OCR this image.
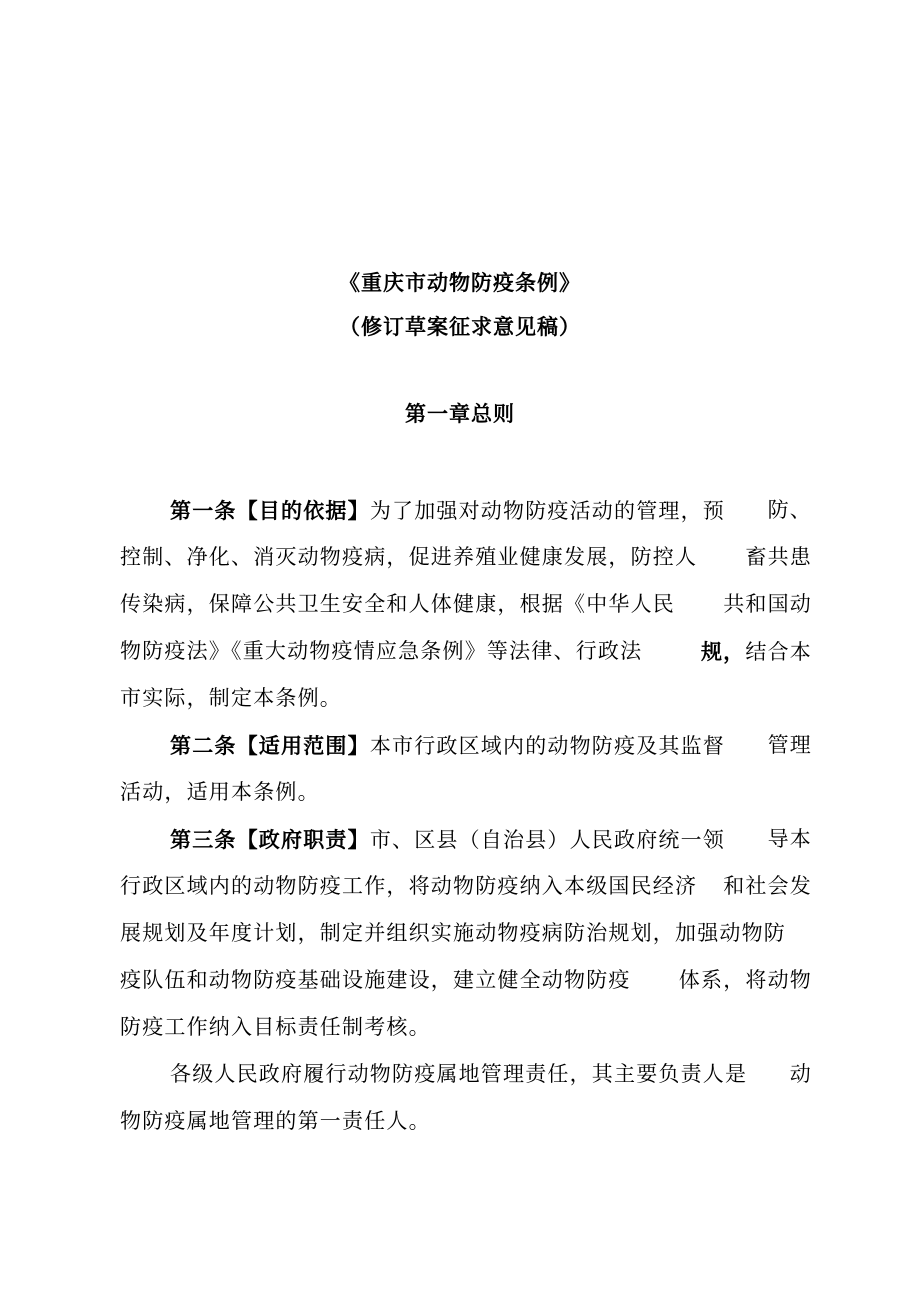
《重庆市动物防疫条例》
（修订草案征求意见稿）
第一章总则
第一条【目的依据】为了加强对动物防疫活动的管理，预 防、
控制、净化、消灭动物疫病，促进养殖业健康发展，防控人 畜共患
传染病，保障公共卫生安全和人体健康，根据《中华人民 共和国动
物防疫法》《重大动物疫情应急条例》等法律、行政法	规，结合本
市实际，制定本条例。
第二条【适用范围】本市行政区域内的动物防疫及其监督 管理
活动，适用本条例。
第三条【政府职责】市、区县（自治县）人民政府统一领 导本
行政区域内的动物防疫工作，将动物防疫纳入本级国民经济 和社会发
展规划及年度计划，制定并组织实施动物疫病防治规划，加强动物防
疫队伍和动物防疫基础设施建设，建立健全动物防疫 体系，将动物
防疫工作纳入目标责任制考核。
各级人民政府履行动物防疫属地管理责任，其主要负责人是 动
物防疫属地管理的第一责任人。
